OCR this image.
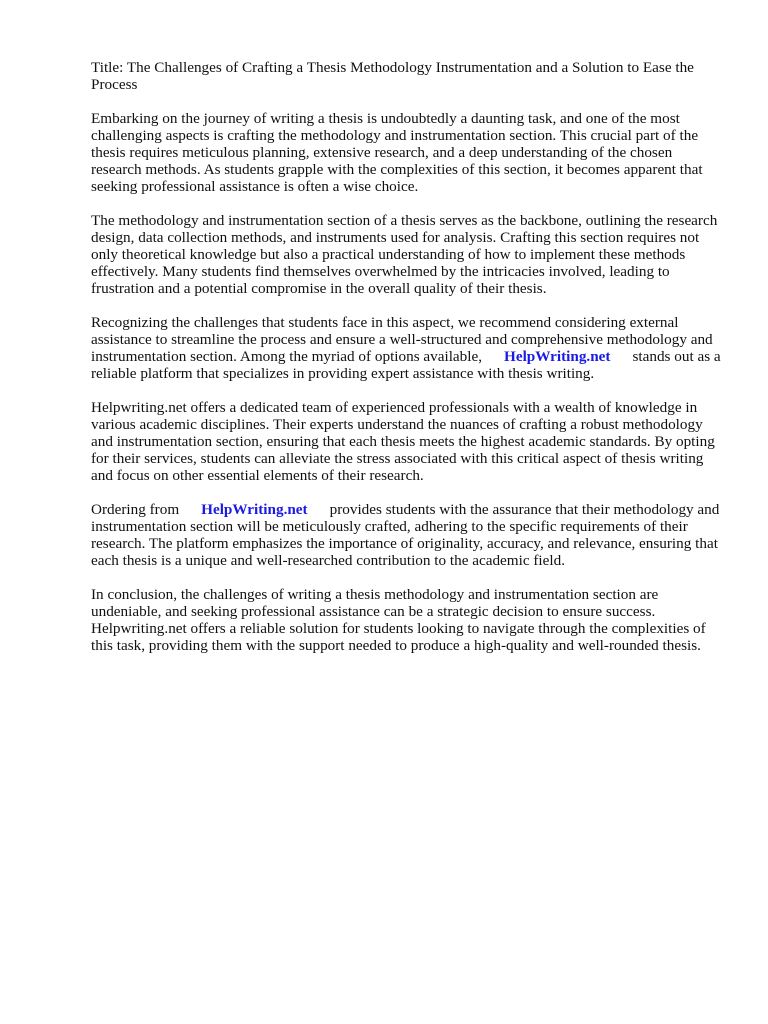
Title: The Challenges of Crafting a Thesis Methodology Instrumentation and a Solution to Ease the Process

Embarking on the journey of writing a thesis is undoubtedly a daunting task, and one of the most challenging aspects is crafting the methodology and instrumentation section. This crucial part of the thesis requires meticulous planning, extensive research, and a deep understanding of the chosen research methods. As students grapple with the complexities of this section, it becomes apparent that seeking professional assistance is often a wise choice.

The methodology and instrumentation section of a thesis serves as the backbone, outlining the research design, data collection methods, and instruments used for analysis. Crafting this section requires not only theoretical knowledge but also a practical understanding of how to implement these methods effectively. Many students find themselves overwhelmed by the intricacies involved, leading to frustration and a potential compromise in the overall quality of their thesis.

Recognizing the challenges that students face in this aspect, we recommend considering external assistance to streamline the process and ensure a well-structured and comprehensive methodology and instrumentation section. Among the myriad of options available, HelpWriting.net stands out as a reliable platform that specializes in providing expert assistance with thesis writing.

Helpwriting.net offers a dedicated team of experienced professionals with a wealth of knowledge in various academic disciplines. Their experts understand the nuances of crafting a robust methodology and instrumentation section, ensuring that each thesis meets the highest academic standards. By opting for their services, students can alleviate the stress associated with this critical aspect of thesis writing and focus on other essential elements of their research.

Ordering from HelpWriting.net provides students with the assurance that their methodology and instrumentation section will be meticulously crafted, adhering to the specific requirements of their research. The platform emphasizes the importance of originality, accuracy, and relevance, ensuring that each thesis is a unique and well-researched contribution to the academic field.

In conclusion, the challenges of writing a thesis methodology and instrumentation section are undeniable, and seeking professional assistance can be a strategic decision to ensure success. Helpwriting.net offers a reliable solution for students looking to navigate through the complexities of this task, providing them with the support needed to produce a high-quality and well-rounded thesis.
